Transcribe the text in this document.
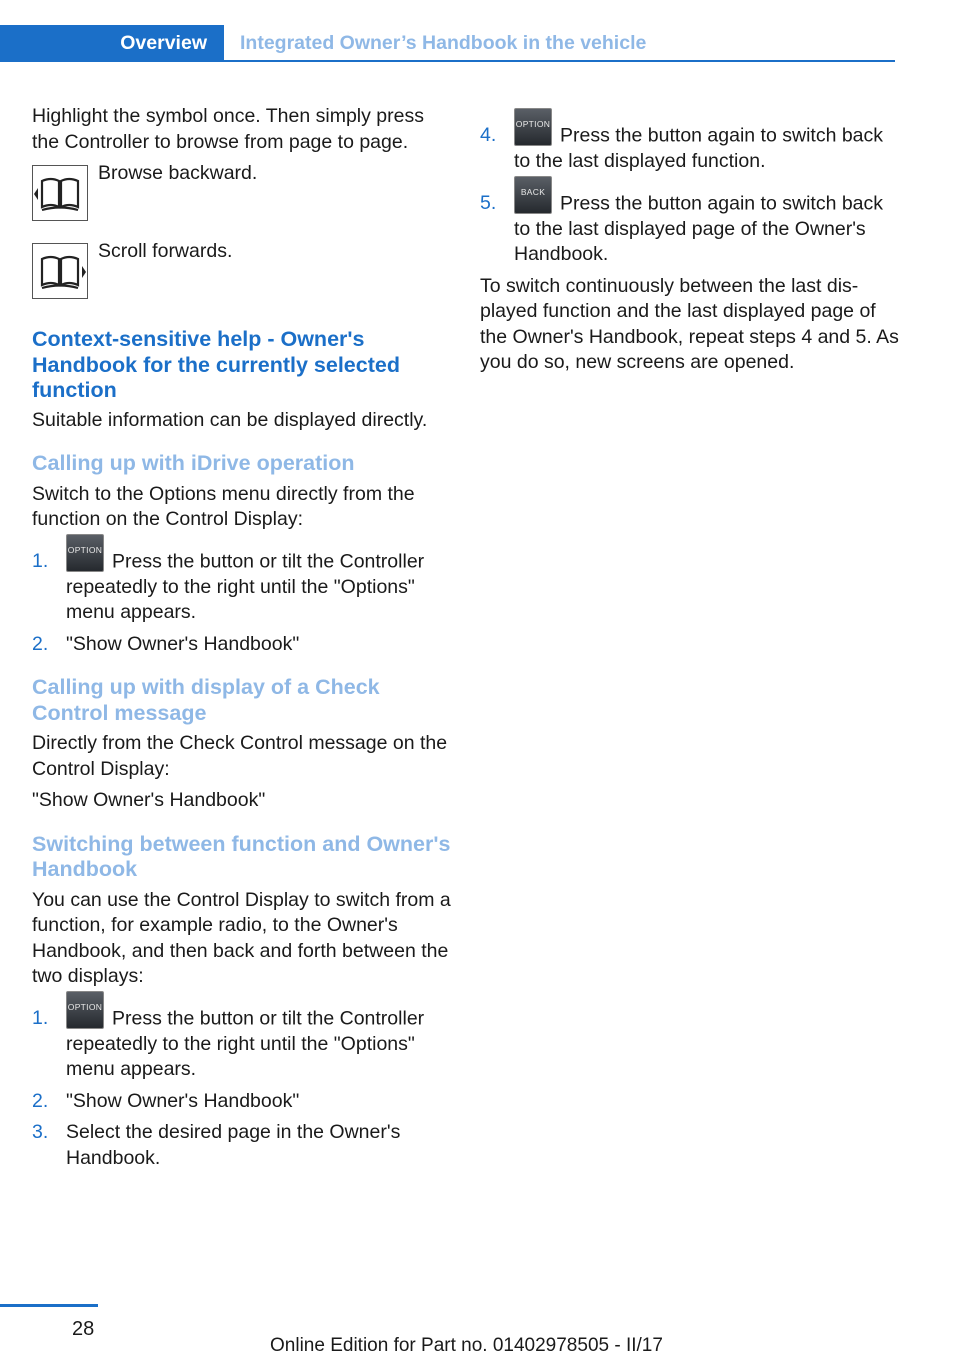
Overview	Integrated Owner’s Handbook in the vehicle

Highlight the symbol once. Then simply press the Controller to browse from page to page.

Browse backward.

Scroll forwards.

Context-sensitive help - Owner's Handbook for the currently selected function

Suitable information can be displayed directly.

Calling up with iDrive operation

Switch to the Options menu directly from the function on the Control Display:

1. OPTION
Press the button or tilt the Controller repeatedly to the right until the "Options" menu appears.
2. "Show Owner's Handbook"
Calling up with display of a Check Control message

Directly from the Check Control message on the Control Display:

"Show Owner's Handbook"

Switching between function and Owner's Handbook

You can use the Control Display to switch from a function, for example radio, to the Owner's Handbook, and then back and forth between the two displays:

1. OPTION
Press the button or tilt the Controller repeatedly to the right until the "Options" menu appears.
2. "Show Owner's Handbook"
3. Select the desired page in the Owner's Handbook.
4. OPTION
Press the button again to switch back to the last displayed function.
5.	BACK
Press the button again to switch back to the last displayed page of the Owner's Handbook.

To switch continuously between the last dis‐ played function and the last displayed page of the Owner's Handbook, repeat steps 4 and 5. As you do so, new screens are opened.

28
Online Edition for Part no. 01402978505 - II/17
